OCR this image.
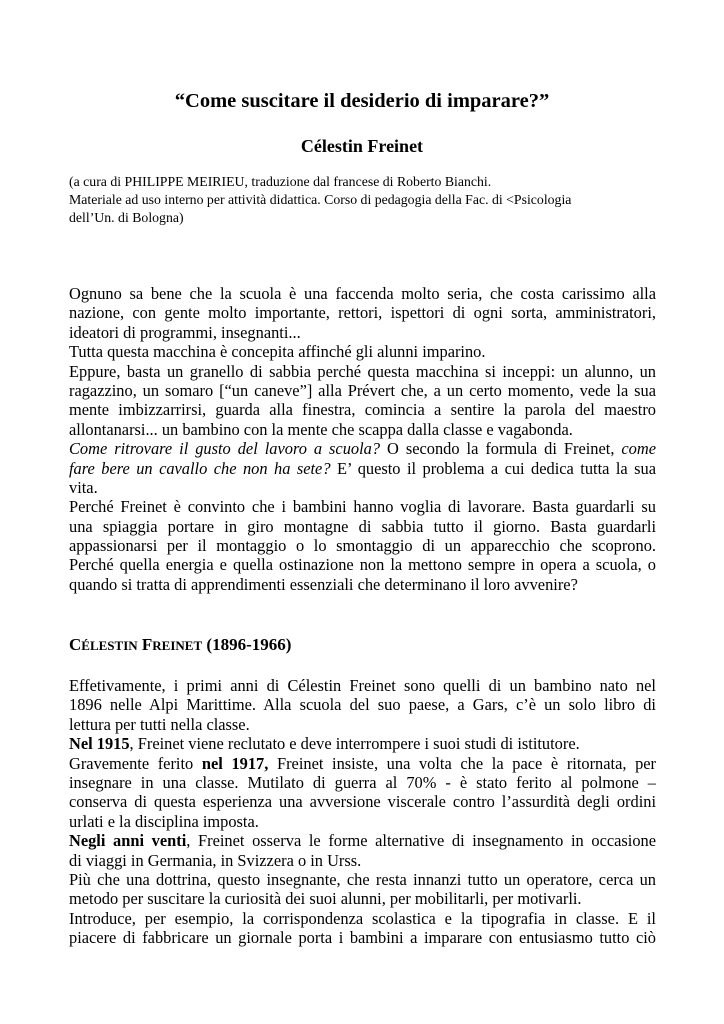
“Come suscitare il desiderio di imparare?”
Célestin Freinet
(a cura di PHILIPPE MEIRIEU, traduzione dal francese di Roberto Bianchi.
Materiale ad uso interno per attività didattica. Corso di pedagogia della Fac. di <Psicologia
dell’Un. di Bologna)
Ognuno sa bene che la scuola è una faccenda molto seria, che costa carissimo alla
nazione, con gente molto importante, rettori, ispettori di ogni sorta, amministratori,
ideatori di programmi, insegnanti...
Tutta questa macchina è concepita affinché gli alunni imparino.
Eppure, basta un granello di sabbia perché questa macchina si inceppi: un alunno, un
ragazzino, un somaro [“un caneve”] alla Prévert che, a un certo momento, vede la sua
mente imbizzarrirsi, guarda alla finestra, comincia a sentire la parola del maestro
allontanarsi... un bambino con la mente che scappa dalla classe e vagabonda.
Come ritrovare il gusto del lavoro a scuola? O secondo la formula di Freinet, come
fare bere un cavallo che non ha sete? E’ questo il problema a cui dedica tutta la sua
vita.
Perché Freinet è convinto che i bambini hanno voglia di lavorare. Basta guardarli su
una spiaggia portare in giro montagne di sabbia tutto il giorno. Basta guardarli
appassionarsi per il montaggio o lo smontaggio di un apparecchio che scoprono.
Perché quella energia e quella ostinazione non la mettono sempre in opera a scuola, o
quando si tratta di apprendimenti essenziali che determinano il loro avvenire?
CÉLESTIN FREINET (1896-1966)
Effetivamente, i primi anni di Célestin Freinet sono quelli di un bambino nato nel
1896 nelle Alpi Marittime. Alla scuola del suo paese, a Gars, c’è un solo libro di
lettura per tutti nella classe.
Nel 1915, Freinet viene reclutato e deve interrompere i suoi studi di istitutore.
Gravemente ferito nel 1917, Freinet insiste, una volta che la pace è ritornata, per
insegnare in una classe. Mutilato di guerra al 70% - è stato ferito al polmone –
conserva di questa esperienza una avversione viscerale contro l’assurdità degli ordini
urlati e la disciplina imposta.
Negli anni venti, Freinet osserva le forme alternative di insegnamento in occasione
di viaggi in Germania, in Svizzera o in Urss.
Più che una dottrina, questo insegnante, che resta innanzi tutto un operatore, cerca un
metodo per suscitare la curiosità dei suoi alunni, per mobilitarli, per motivarli.
Introduce, per esempio, la corrispondenza scolastica e la tipografia in classe. E il
piacere di fabbricare un giornale porta i bambini a imparare con entusiasmo tutto ciò
